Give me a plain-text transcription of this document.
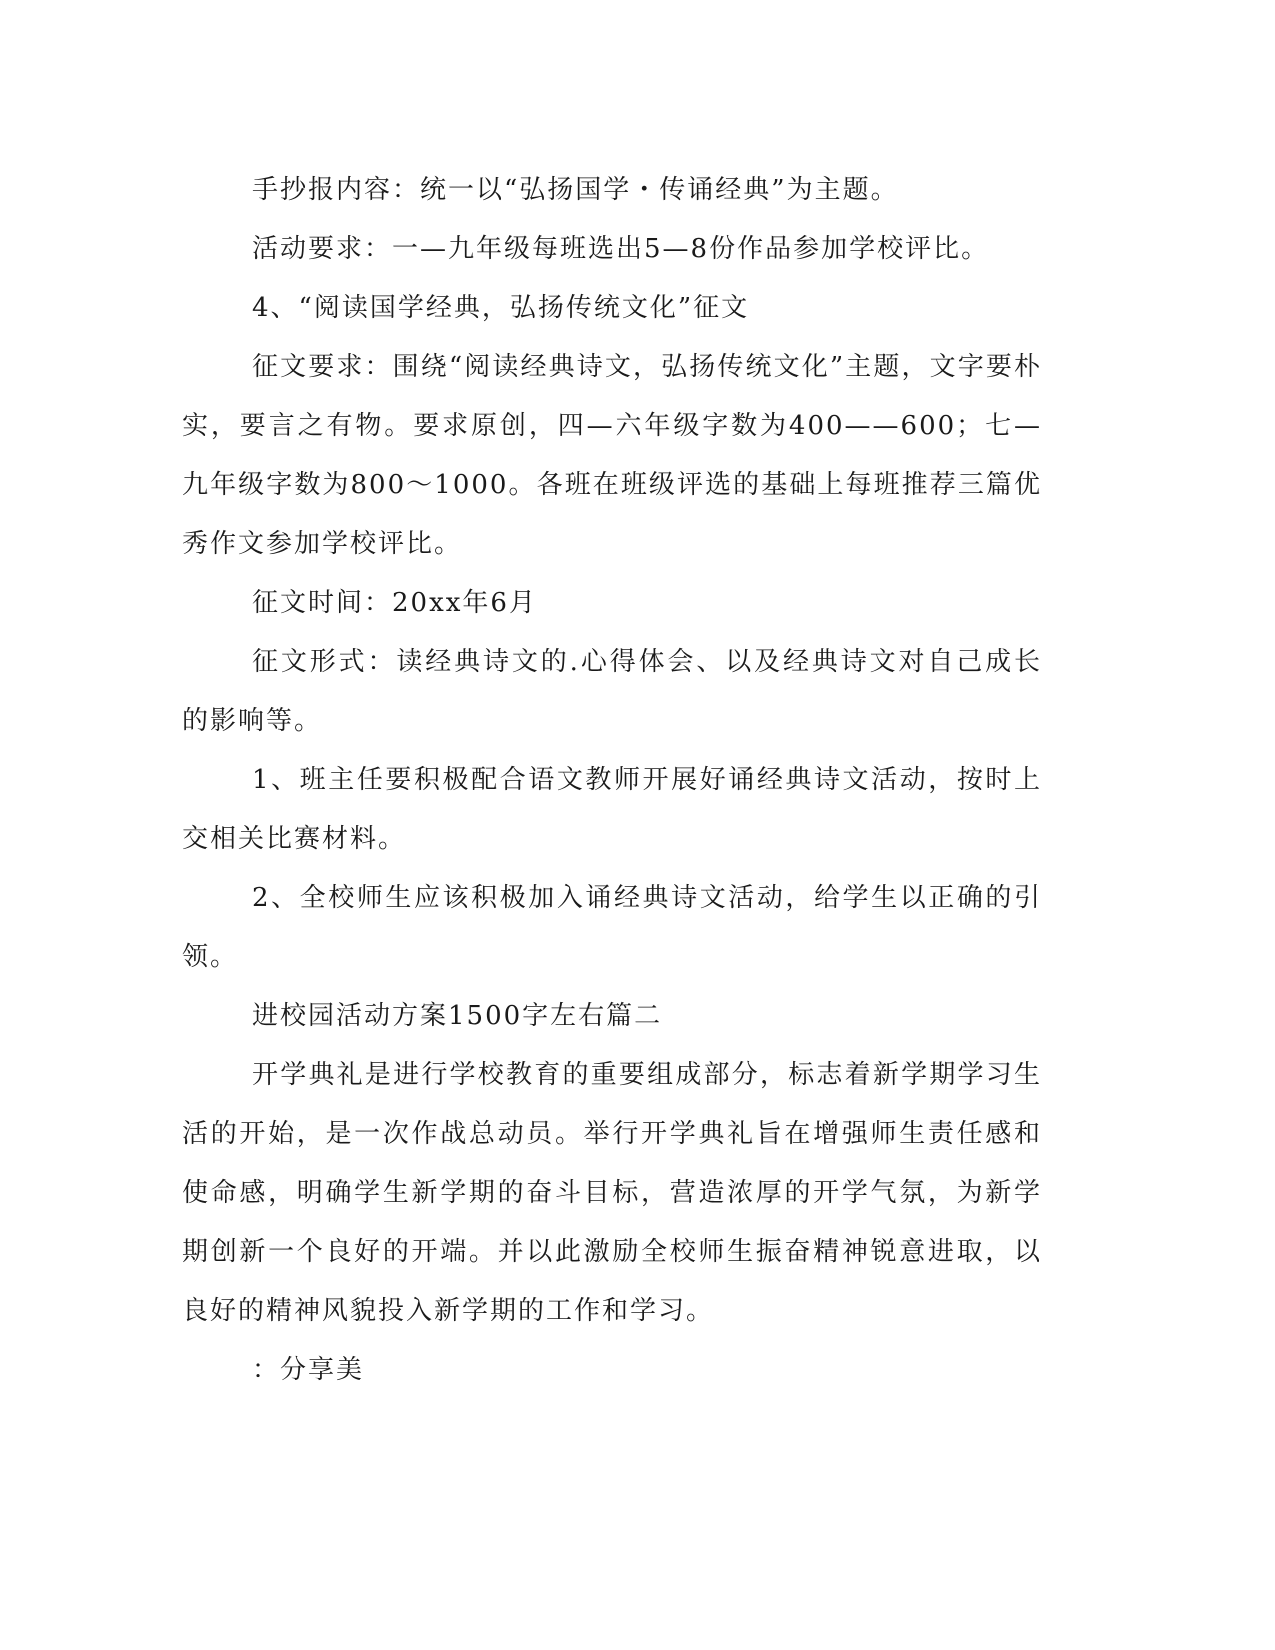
手抄报内容：统一以“弘扬国学・传诵经典”为主题。

活动要求：一—九年级每班选出5—8份作品参加学校评比。

4、“阅读国学经典，弘扬传统文化”征文

征文要求：围绕“阅读经典诗文，弘扬传统文化”主题，文字要朴实，要言之有物。要求原创，四—六年级字数为400——600；七—九年级字数为800～1000。各班在班级评选的基础上每班推荐三篇优秀作文参加学校评比。

征文时间：20xx年6月

征文形式：读经典诗文的.心得体会、以及经典诗文对自己成长的影响等。

1、班主任要积极配合语文教师开展好诵经典诗文活动，按时上交相关比赛材料。

2、全校师生应该积极加入诵经典诗文活动，给学生以正确的引领。

进校园活动方案1500字左右篇二

开学典礼是进行学校教育的重要组成部分，标志着新学期学习生活的开始，是一次作战总动员。举行开学典礼旨在增强师生责任感和使命感，明确学生新学期的奋斗目标，营造浓厚的开学气氛，为新学期创新一个良好的开端。并以此激励全校师生振奋精神锐意进取，以良好的精神风貌投入新学期的工作和学习。

：分享美
